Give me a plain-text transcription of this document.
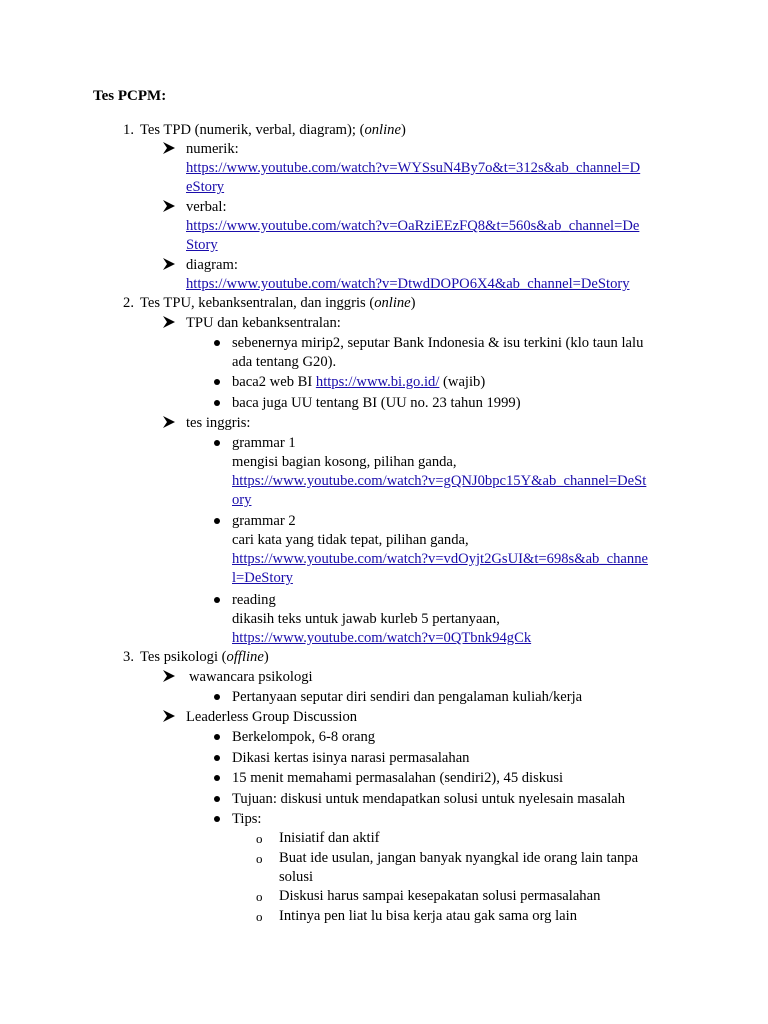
Tes PCPM:
1. Tes TPD (numerik, verbal, diagram); (online)
numerik:
https://www.youtube.com/watch?v=WYSsuN4By7o&t=312s&ab_channel=D
eStory
verbal:
https://www.youtube.com/watch?v=OaRziEEzFQ8&t=560s&ab_channel=De
Story
diagram:
https://www.youtube.com/watch?v=DtwdDOPO6X4&ab_channel=DeStory
2. Tes TPU, kebanksentralan, dan inggris (online)
TPU dan kebanksentralan:
sebenernya mirip2, seputar Bank Indonesia & isu terkini (klo taun lalu
ada tentang G20).
baca2 web BI https://www.bi.go.id/ (wajib)
baca juga UU tentang BI (UU no. 23 tahun 1999)
tes inggris:
grammar 1
mengisi bagian kosong, pilihan ganda,
https://www.youtube.com/watch?v=gQNJ0bpc15Y&ab_channel=DeSt
ory
grammar 2
cari kata yang tidak tepat, pilihan ganda,
https://www.youtube.com/watch?v=vdOyjt2GsUI&t=698s&ab_channe
l=DeStory
reading
dikasih teks untuk jawab kurleb 5 pertanyaan,
https://www.youtube.com/watch?v=0QTbnk94gCk
3. Tes psikologi (offline)
wawancara psikologi
Pertanyaan seputar diri sendiri dan pengalaman kuliah/kerja
Leaderless Group Discussion
Berkelompok, 6-8 orang
Dikasi kertas isinya narasi permasalahan
15 menit memahami permasalahan (sendiri2), 45 diskusi
Tujuan: diskusi untuk mendapatkan solusi untuk nyelesain masalah
Tips:
o Inisiatif dan aktif
o Buat ide usulan, jangan banyak nyangkal ide orang lain tanpa
solusi
o Diskusi harus sampai kesepakatan solusi permasalahan
o Intinya pen liat lu bisa kerja atau gak sama org lain
